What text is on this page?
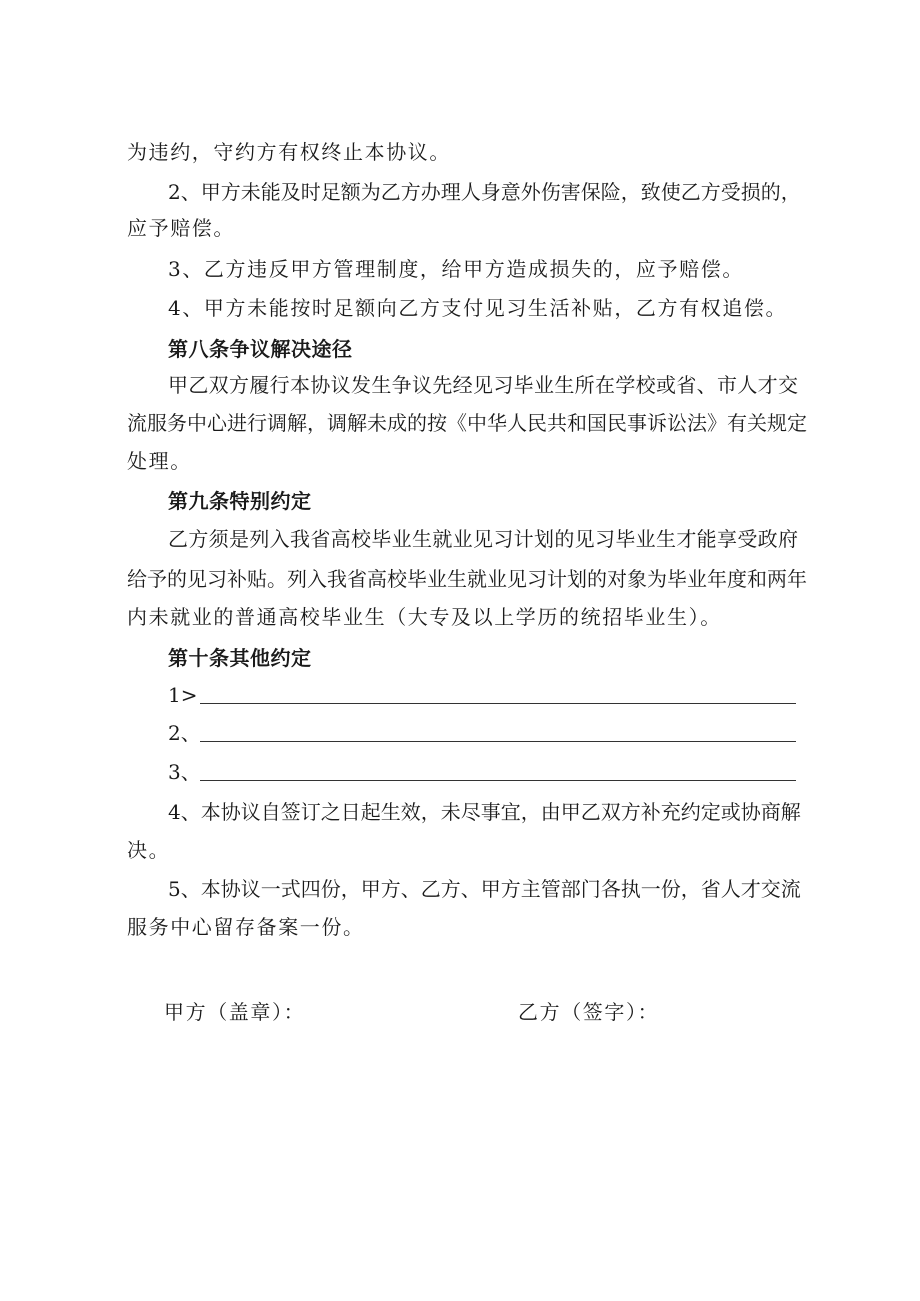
为违约，守约方有权终止本协议。
2、甲方未能及时足额为乙方办理人身意外伤害保险，致使乙方受损的，
应予赔偿。
3、乙方违反甲方管理制度，给甲方造成损失的，应予赔偿。
4、甲方未能按时足额向乙方支付见习生活补贴，乙方有权追偿。
第八条争议解决途径
甲乙双方履行本协议发生争议先经见习毕业生所在学校或省、市人才交
流服务中心进行调解，调解未成的按《中华人民共和国民事诉讼法》有关规定
处理。
第九条特别约定
乙方须是列入我省高校毕业生就业见习计划的见习毕业生才能享受政府
给予的见习补贴。列入我省高校毕业生就业见习计划的对象为毕业年度和两年
内未就业的普通高校毕业生（大专及以上学历的统招毕业生）。
第十条其他约定
1>
2、
3、
4、本协议自签订之日起生效，未尽事宜，由甲乙双方补充约定或协商解
决。
5、本协议一式四份，甲方、乙方、甲方主管部门各执一份，省人才交流
服务中心留存备案一份。
甲方（盖章）：	乙方（签字）：
